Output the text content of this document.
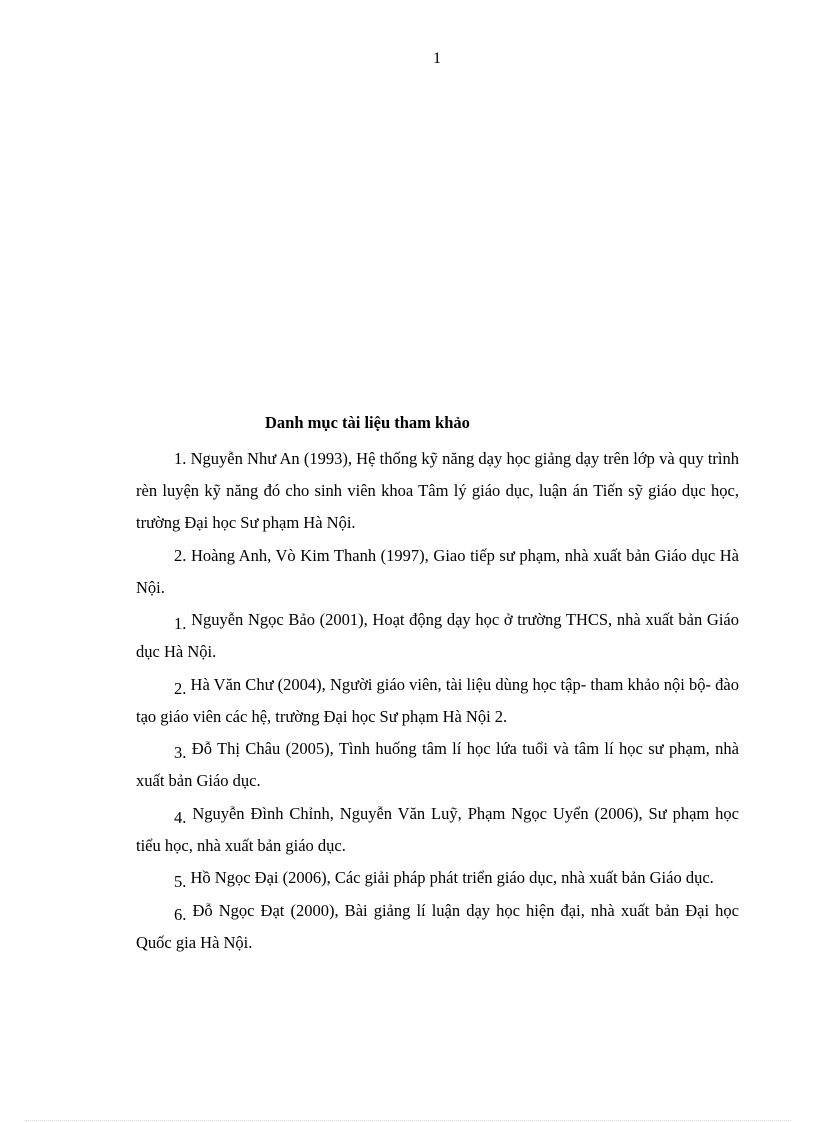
1
Danh mục tài liệu tham khảo

1. Nguyễn Như An (1993), Hệ thống kỹ năng dạy học giảng dạy trên lớp và quy trình rèn luyện kỹ năng đó cho sinh viên khoa Tâm lý giáo dục, luận án Tiến sỹ giáo dục học, trường Đại học Sư phạm Hà Nội.

2. Hoàng Anh, Vò Kim Thanh (1997), Giao tiếp sư phạm, nhà xuất bản Giáo dục Hà Nội.

1. Nguyễn Ngọc Bảo (2001), Hoạt động dạy học ở trường THCS, nhà xuất bản Giáo dục Hà Nội.

2. Hà Văn Chư (2004), Người giáo viên, tài liệu dùng học tập- tham khảo nội bộ- đào tạo giáo viên các hệ, trường Đại học Sư phạm Hà Nội 2.

3. Đỗ Thị Châu (2005), Tình huống tâm lí học lứa tuổi và tâm lí học sư phạm, nhà xuất bản Giáo dục.

4. Nguyễn Đình Chỉnh, Nguyễn Văn Luỹ, Phạm Ngọc Uyển (2006), Sư phạm học tiểu học, nhà xuất bản giáo dục.

5. Hồ Ngọc Đại (2006), Các giải pháp phát triển giáo dục, nhà xuất bản Giáo dục.

6. Đỗ Ngọc Đạt (2000), Bài giảng lí luận dạy học hiện đại, nhà xuất bản Đại học Quốc gia Hà Nội.
